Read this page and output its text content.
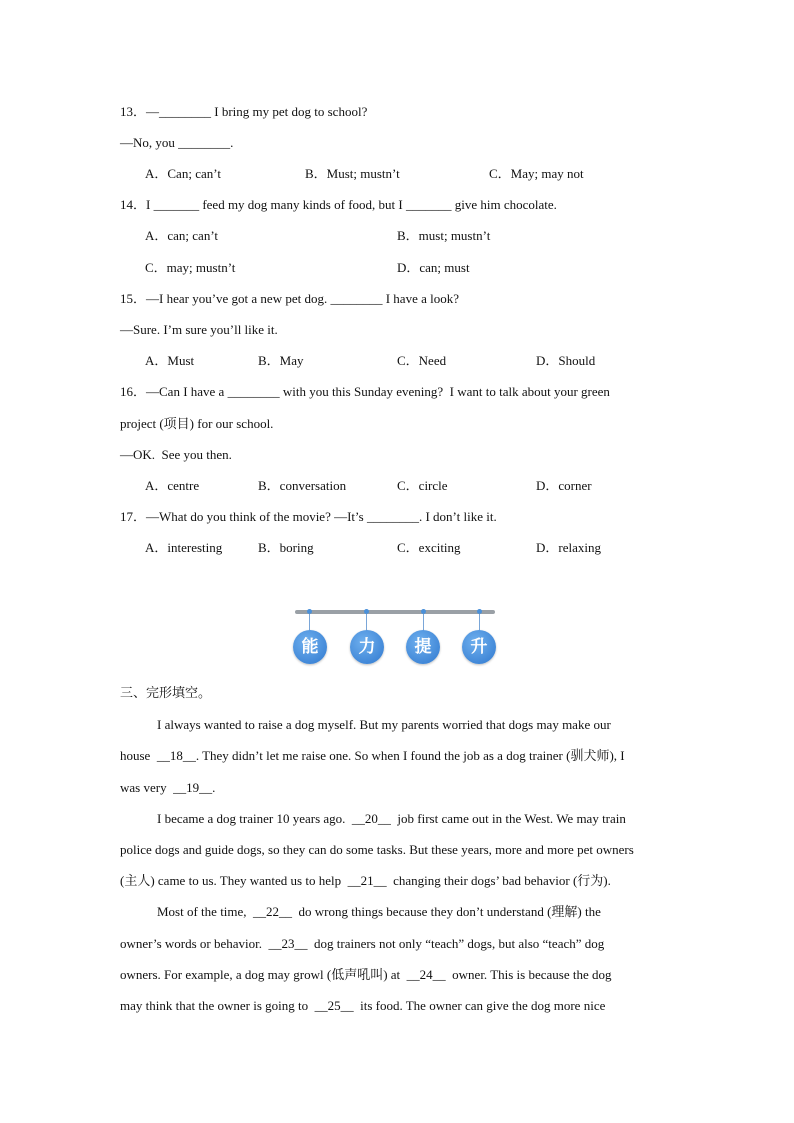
13．—________ I bring my pet dog to school?
—No, you ________.
A．Can; can’t	B．Must; mustn’t	C．May; may not
14．I _______ feed my dog many kinds of food, but I _______ give him chocolate.
A．can; can’t	B．must; mustn’t
C．may; mustn’t	D．can; must
15．—I hear you’ve got a new pet dog. ________ I have a look?
—Sure. I’m sure you’ll like it.
A．Must	B．May	C．Need	D．Should
16．—Can I have a ________ with you this Sunday evening?  I want to talk about your green
project (项目) for our school.
—OK.  See you then.
A．centre	B．conversation	C．circle	D．corner
17．—What do you think of the movie? —It’s ________. I don’t like it.
A．interesting	B．boring	C．exciting	D．relaxing
能	力	提	升
三、完形填空。
I always wanted to raise a dog myself. But my parents worried that dogs may make our
house  __18__. They didn’t let me raise one. So when I found the job as a dog trainer (驯犬师), I
was very  __19__.
I became a dog trainer 10 years ago.  __20__  job first came out in the West. We may train
police dogs and guide dogs, so they can do some tasks. But these years, more and more pet owners
(主人) came to us. They wanted us to help  __21__  changing their dogs’ bad behavior (行为).
Most of the time,  __22__  do wrong things because they don’t understand (理解) the
owner’s words or behavior.  __23__  dog trainers not only “teach” dogs, but also “teach” dog
owners. For example, a dog may growl (低声吼叫) at  __24__  owner. This is because the dog
may think that the owner is going to  __25__  its food. The owner can give the dog more nice
